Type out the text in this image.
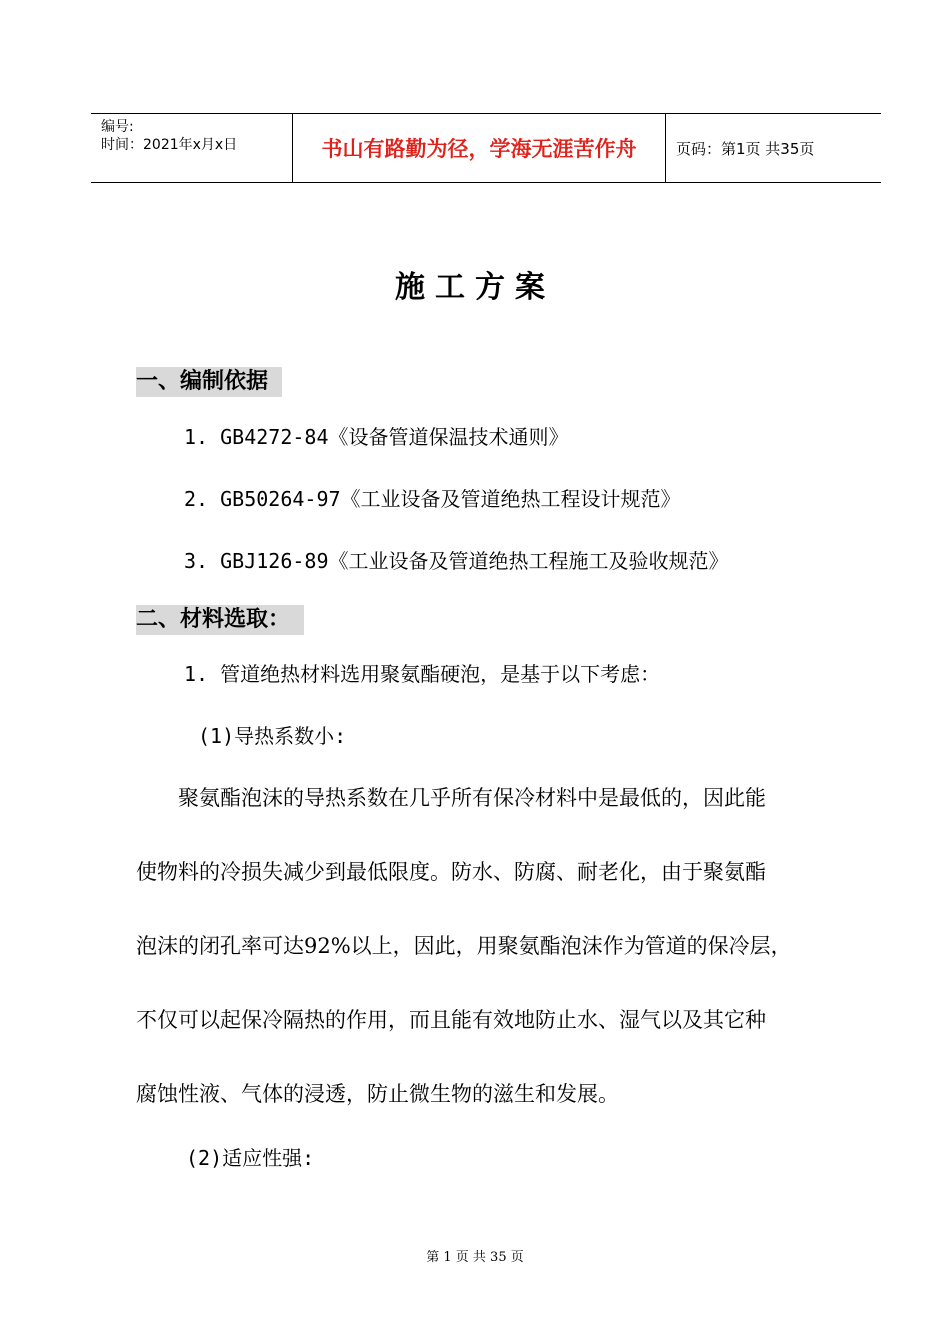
编号:
时间：2021年x月x日	书山有路勤为径，学海无涯苦作舟	页码：第1页 共35页
施工方案
一、编制依据
1. GB4272-84《设备管道保温技术通则》
2. GB50264-97《工业设备及管道绝热工程设计规范》
3. GBJ126-89《工业设备及管道绝热工程施工及验收规范》
二、材料选取：
1. 管道绝热材料选用聚氨酯硬泡，是基于以下考虑：
(1)导热系数小:
　　聚氨酯泡沫的导热系数在几乎所有保冷材料中是最低的，因此能
使物料的冷损失减少到最低限度。防水、防腐、耐老化，由于聚氨酯
泡沫的闭孔率可达92%以上，因此，用聚氨酯泡沫作为管道的保冷层，
不仅可以起保冷隔热的作用，而且能有效地防止水、湿气以及其它种
腐蚀性液、气体的浸透，防止微生物的滋生和发展。
(2)适应性强:
第 1 页 共 35 页
